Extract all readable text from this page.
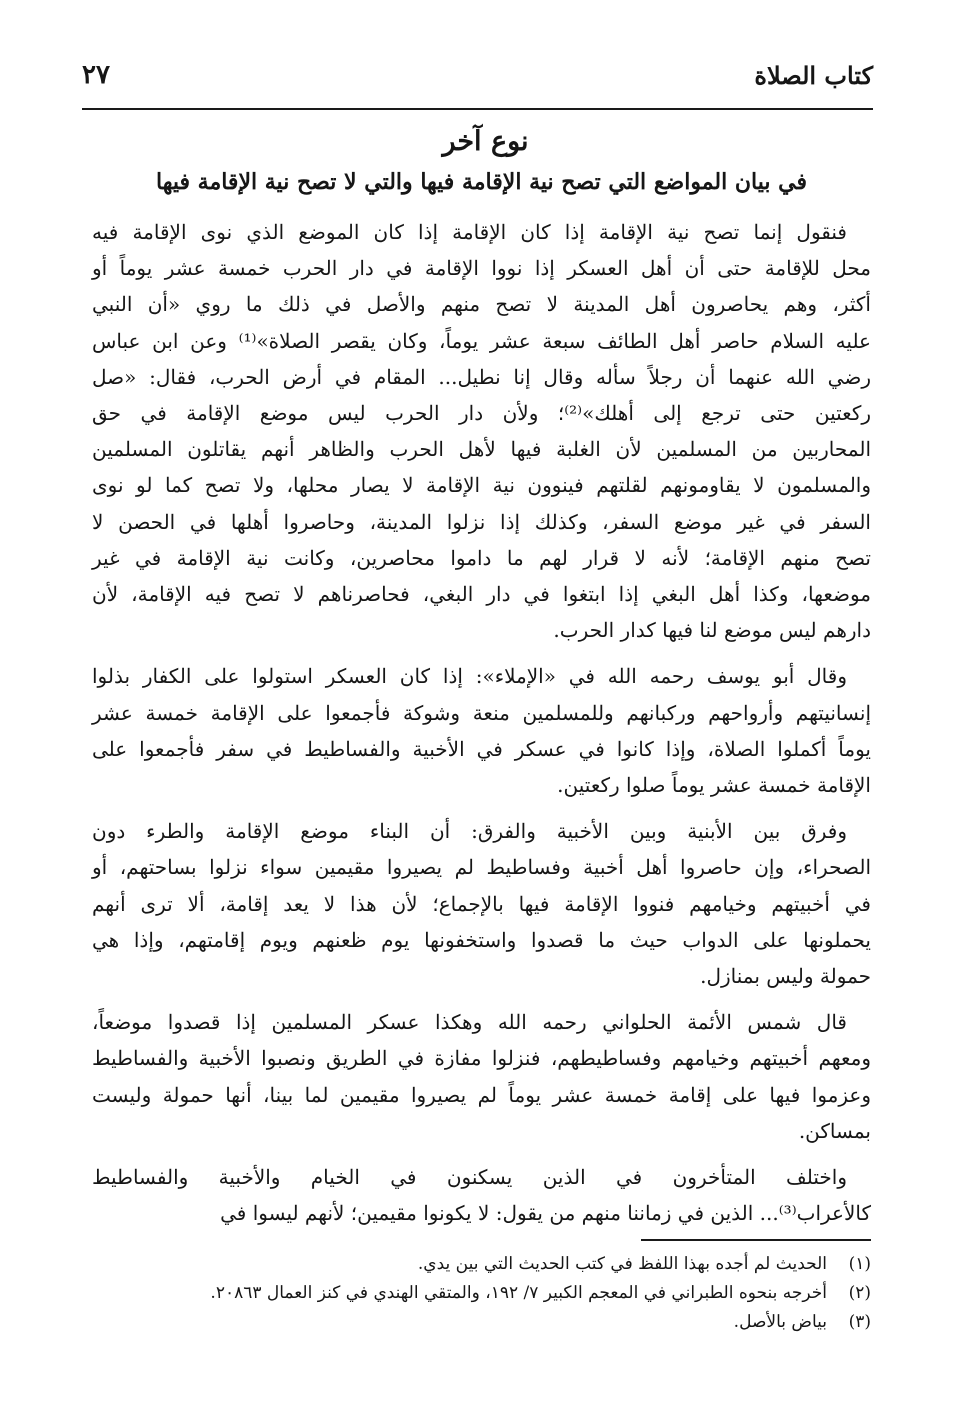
كتاب الصلاة
٢٧
نوع آخر
في بيان المواضع التي تصح نية الإقامة فيها والتي لا تصح نية الإقامة فيها

فنقول إنما تصح نية الإقامة إذا كان الإقامة إذا كان الموضع الذي نوى الإقامة فيه
محل للإقامة حتى أن أهل العسكر إذا نووا الإقامة في دار الحرب خمسة عشر يوماً أو
أكثر، وهم يحاصرون أهل المدينة لا تصح منهم والأصل في ذلك ما روي «أن النبي
عليه السلام حاصر أهل الطائف سبعة عشر يوماً، وكان يقصر الصلاة»⁽¹⁾ وعن ابن عباس
رضي الله عنهما أن رجلاً سأله وقال إنا نطيل... المقام في أرض الحرب، فقال: «صل
ركعتين حتى ترجع إلى أهلك»⁽²⁾؛ ولأن دار الحرب ليس موضع الإقامة في حق
المحاربين من المسلمين لأن الغلبة فيها لأهل الحرب والظاهر أنهم يقاتلون المسلمين
والمسلمون لا يقاومونهم لقلتهم فينوون نية الإقامة لا يصار محلها، ولا تصح كما لو نوى
السفر في غير موضع السفر، وكذلك إذا نزلوا المدينة، وحاصروا أهلها في الحصن لا
تصح منهم الإقامة؛ لأنه لا قرار لهم ما داموا محاصرين، وكانت نية الإقامة في غير
موضعها، وكذا أهل البغي إذا ابتغوا في دار البغي، فحاصرناهم لا تصح فيه الإقامة، لأن
دارهم ليس موضع لنا فيها كدار الحرب.

وقال أبو يوسف رحمه الله في «الإملاء»: إذا كان العسكر استولوا على الكفار بذلوا
إنسانيتهم وأرواحهم وركبانهم وللمسلمين منعة وشوكة فأجمعوا على الإقامة خمسة عشر
يوماً أكملوا الصلاة، وإذا كانوا في عسكر في الأخبية والفساطيط في سفر فأجمعوا على
الإقامة خمسة عشر يوماً صلوا ركعتين.

وفرق بين الأبنية وبين الأخبية والفرق: أن البناء موضع الإقامة والطرء دون
الصحراء، وإن حاصروا أهل أخبية وفساطيط لم يصيروا مقيمين سواء نزلوا بساحتهم، أو
في أخبيتهم وخيامهم فنووا الإقامة فيها بالإجماع؛ لأن هذا لا يعد إقامة، ألا ترى أنهم
يحملونها على الدواب حيث ما قصدوا واستخفونها يوم ظعنهم ويوم إقامتهم، وإذا هي
حمولة وليس بمنازل.

قال شمس الأئمة الحلواني رحمه الله وهكذا عسكر المسلمين إذا قصدوا موضعاً،
ومعهم أخبيتهم وخيامهم وفساطيطهم، فنزلوا مفازة في الطريق ونصبوا الأخبية والفساطيط
وعزموا فيها على إقامة خمسة عشر يوماً لم يصيروا مقيمين لما بينا، أنها حمولة وليست
بمساكن.

واختلف المتأخرون في الذين يسكنون في الخيام والأخبية والفساطيط
كالأعراب⁽³⁾... الذين في زماننا منهم من يقول: لا يكونوا مقيمين؛ لأنهم ليسوا في

(١)
الحديث لم أجده بهذا اللفظ في كتب الحديث التي بين يدي.
(٢)
أخرجه بنحوه الطبراني في المعجم الكبير ٧/ ١٩٢، والمتقي الهندي في كنز العمال ٢٠٨٦٣.
(٣)
بياض بالأصل.
